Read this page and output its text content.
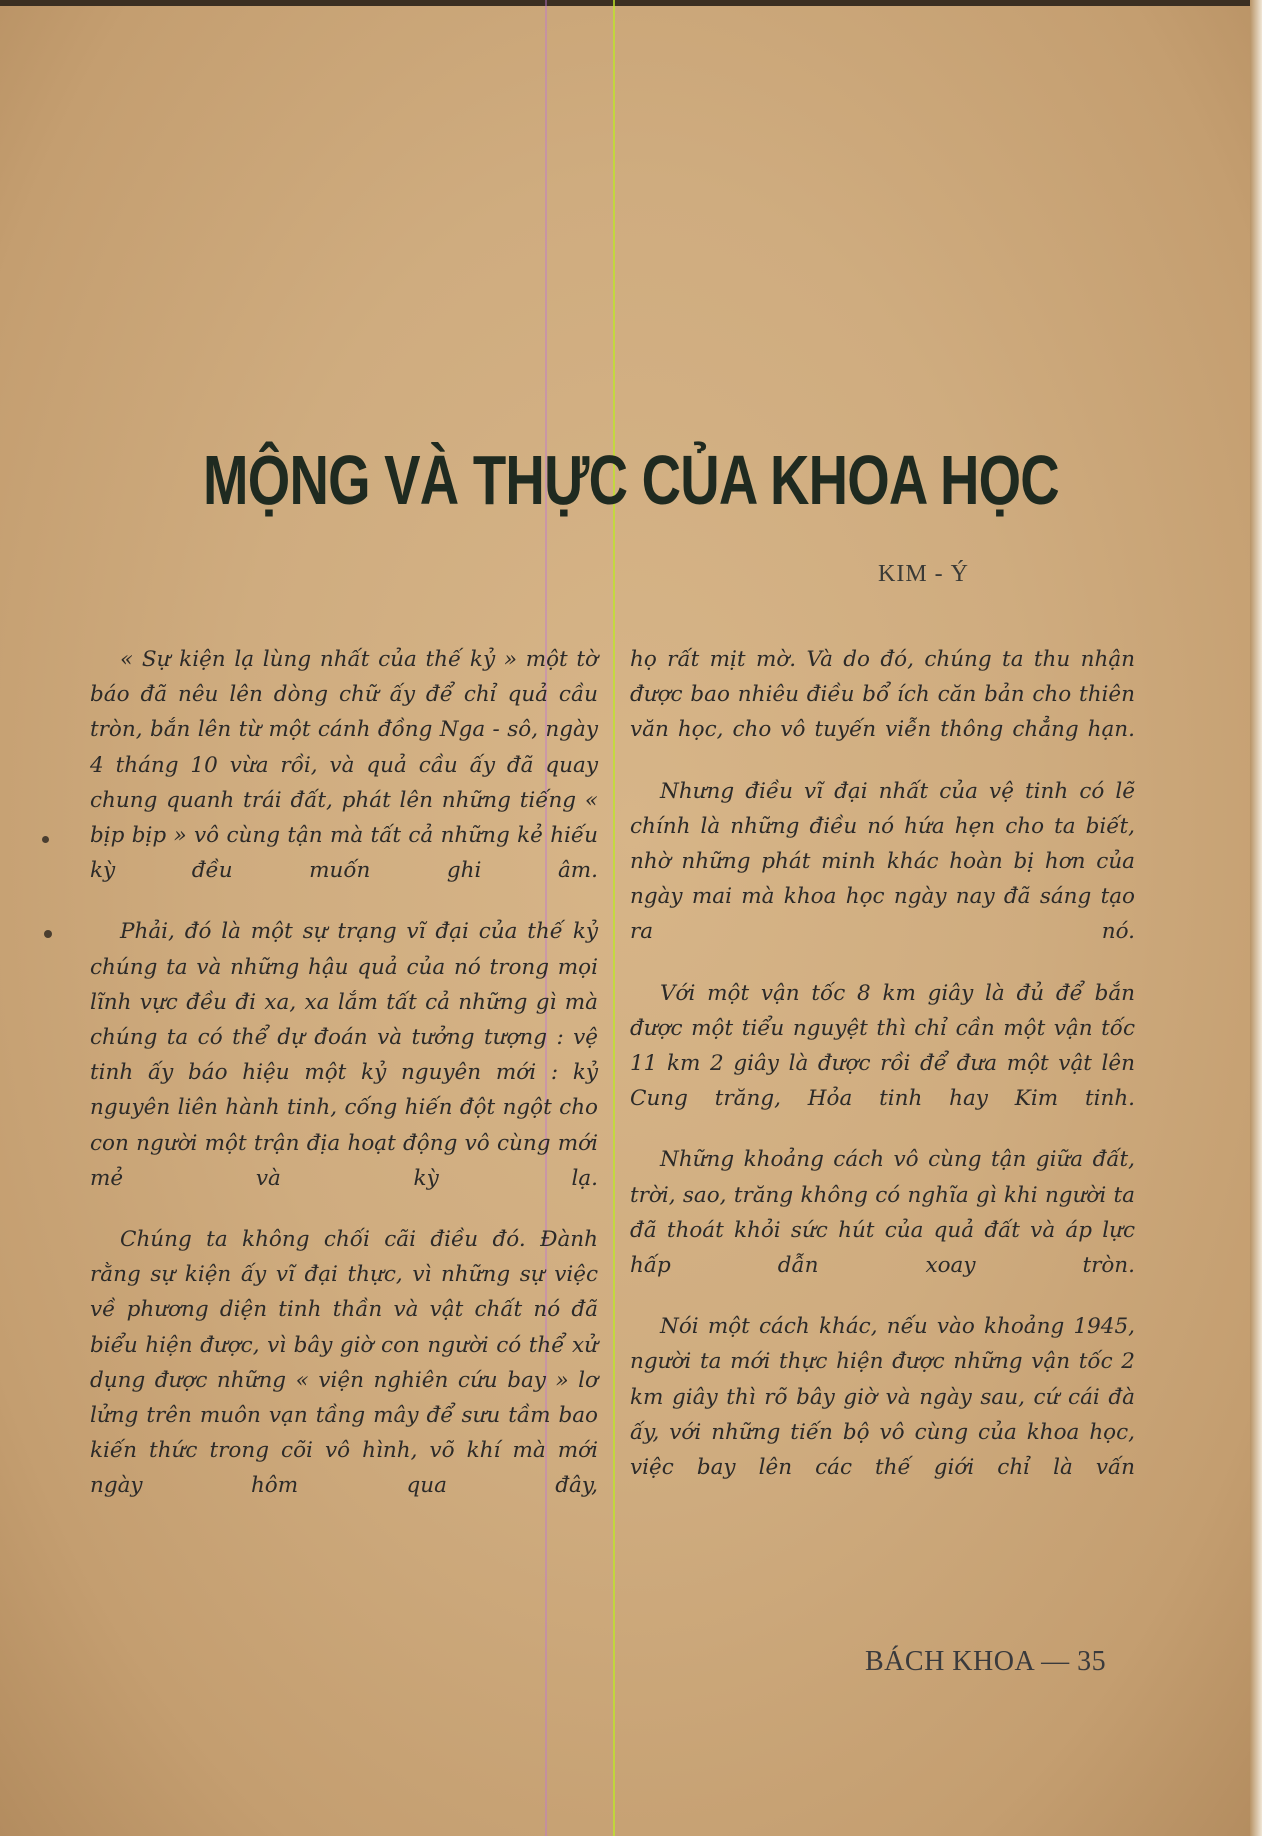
MỘNG VÀ THỰC CỦA KHOA HỌC

KIM - Ý

« Sự kiện lạ lùng nhất của thế kỷ » một tờ báo đã nêu lên dòng chữ ấy để chỉ quả cầu tròn, bắn lên từ một cánh đồng Nga - sô, ngày 4 tháng 10 vừa rồi, và quả cầu ấy đã quay chung quanh trái đất, phát lên những tiếng « bịp bịp » vô cùng tận mà tất cả những kẻ hiếu kỳ đều muốn ghi âm.

Phải, đó là một sự trạng vĩ đại của thế kỷ chúng ta và những hậu quả của nó trong mọi lĩnh vực đều đi xa, xa lắm tất cả những gì mà chúng ta có thể dự đoán và tưởng tượng : vệ tinh ấy báo hiệu một kỷ nguyên mới : kỷ nguyên liên hành tinh, cống hiến đột ngột cho con người một trận địa hoạt động vô cùng mới mẻ và kỳ lạ.

Chúng ta không chối cãi điều đó. Đành rằng sự kiện ấy vĩ đại thực, vì những sự việc về phương diện tinh thần và vật chất nó đã biểu hiện được, vì bây giờ con người có thể xử dụng được những « viện nghiên cứu bay » lơ lửng trên muôn vạn tầng mây để sưu tầm bao kiến thức trong cõi vô hình, võ khí mà mới ngày hôm qua đây,

họ rất mịt mờ. Và do đó, chúng ta thu nhận được bao nhiêu điều bổ ích căn bản cho thiên văn học, cho vô tuyến viễn thông chẳng hạn.

Nhưng điều vĩ đại nhất của vệ tinh có lẽ chính là những điều nó hứa hẹn cho ta biết, nhờ những phát minh khác hoàn bị hơn của ngày mai mà khoa học ngày nay đã sáng tạo ra nó.

Với một vận tốc 8 km giây là đủ để bắn được một tiểu nguyệt thì chỉ cần một vận tốc 11 km 2 giây là được rồi để đưa một vật lên Cung trăng, Hỏa tinh hay Kim tinh.

Những khoảng cách vô cùng tận giữa đất, trời, sao, trăng không có nghĩa gì khi người ta đã thoát khỏi sức hút của quả đất và áp lực hấp dẫn xoay tròn.

Nói một cách khác, nếu vào khoảng 1945, người ta mới thực hiện được những vận tốc 2 km giây thì rõ bây giờ và ngày sau, cứ cái đà ấy, với những tiến bộ vô cùng của khoa học, việc bay lên các thế giới chỉ là vấn

BÁCH KHOA — 35
